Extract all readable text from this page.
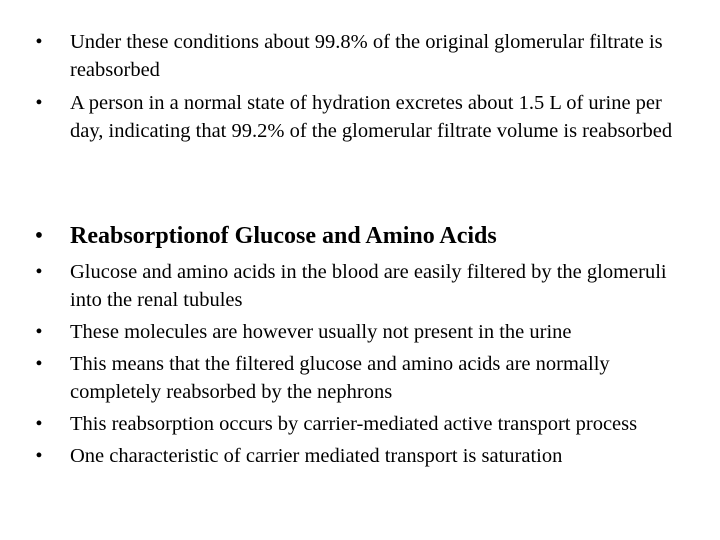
•	Under these conditions about 99.8% of the original glomerular filtrate is reabsorbed
•	A person in a normal state of hydration excretes about 1.5 L of urine per day, indicating that 99.2% of the glomerular filtrate volume is reabsorbed
• Reabsorptionof Glucose and Amino Acids
•	Glucose and amino acids in the blood are easily filtered by the glomeruli into the renal tubules
•	These molecules are however usually not present in the urine
•	This means that the filtered glucose and amino acids are normally completely reabsorbed by the nephrons
•	This reabsorption occurs by carrier-mediated active transport process
•	One characteristic of carrier mediated transport is saturation
